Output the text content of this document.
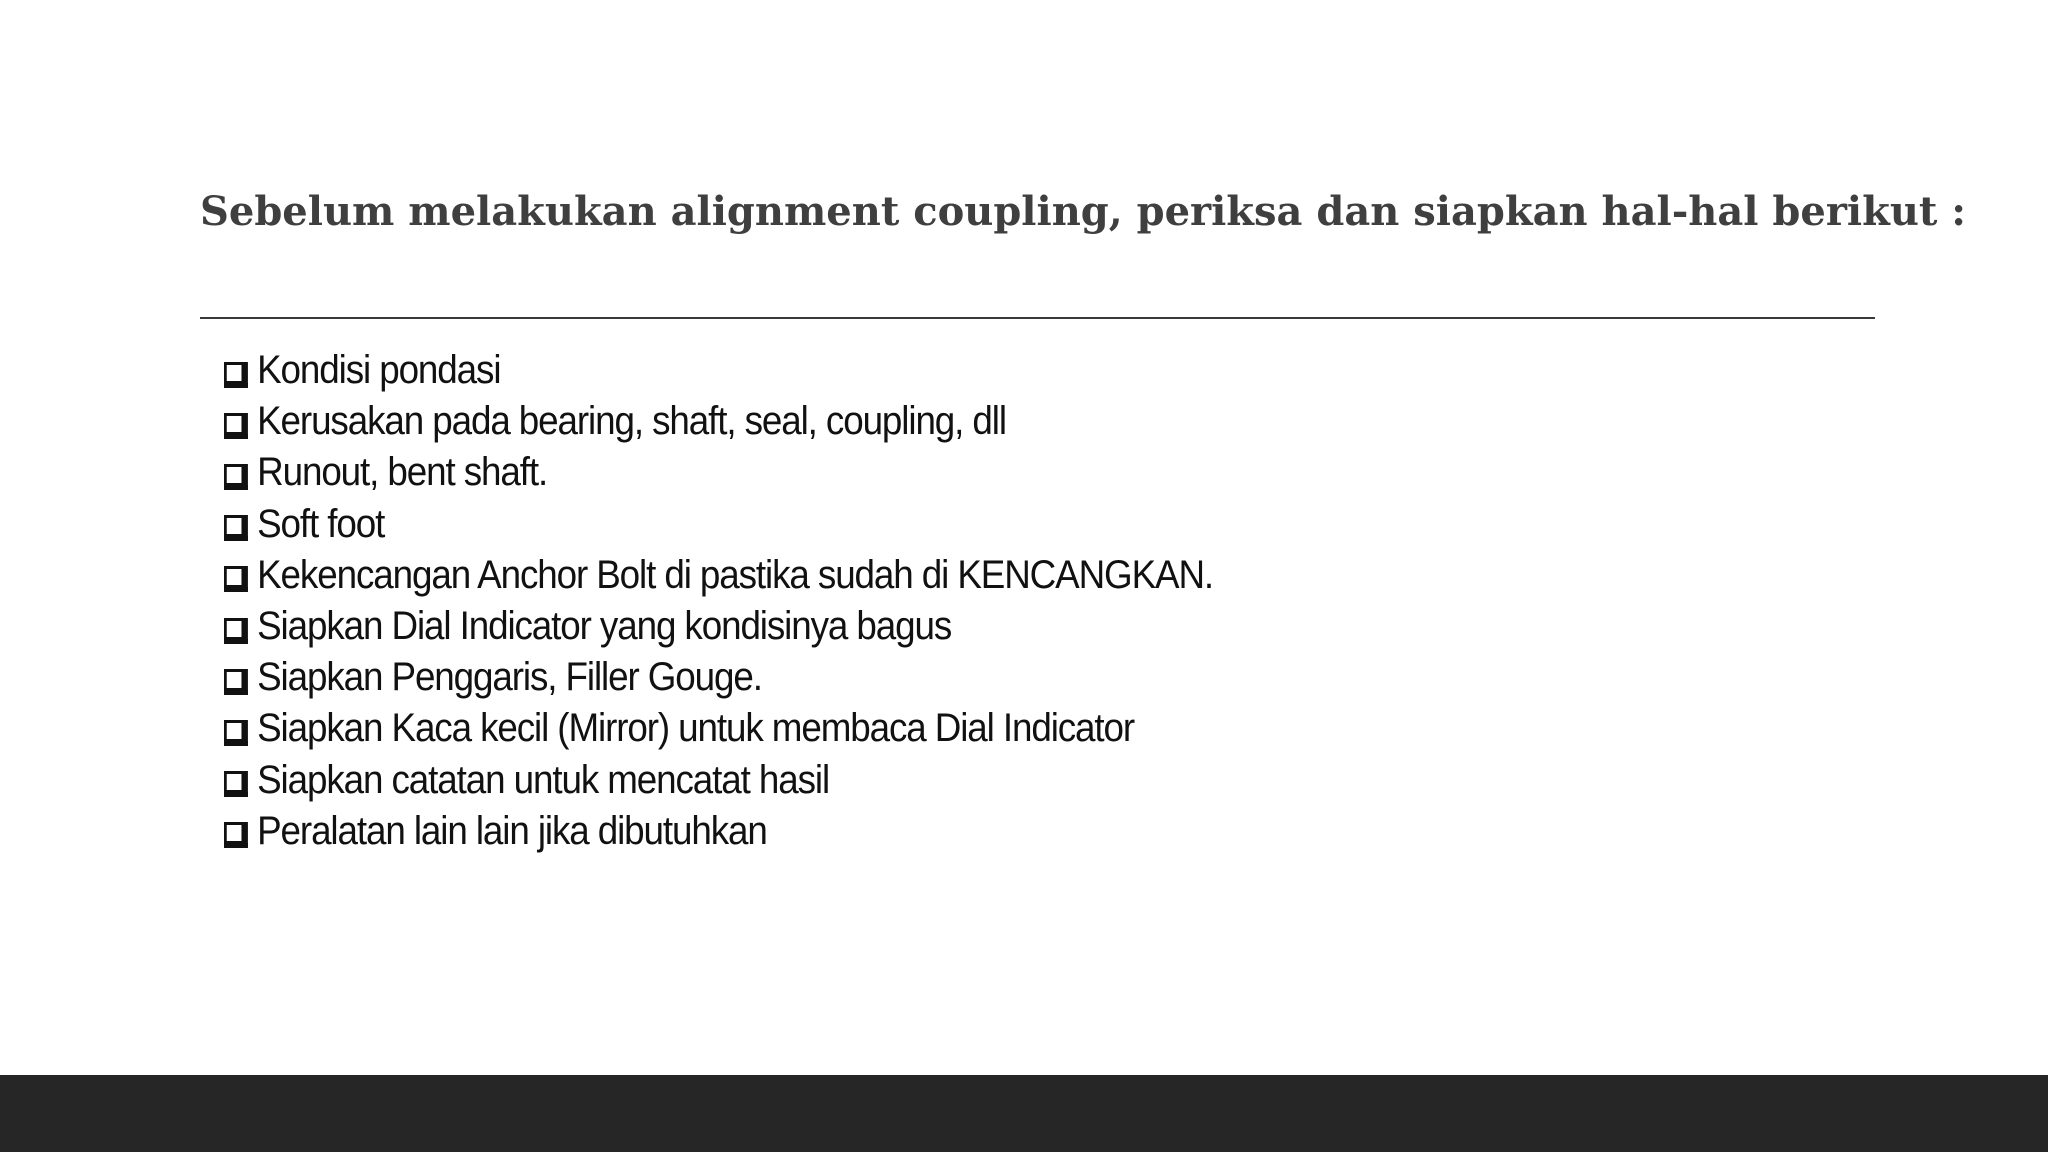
Sebelum melakukan alignment coupling, periksa dan siapkan hal-hal berikut :
Kondisi pondasi
Kerusakan pada bearing, shaft, seal, coupling, dll
Runout, bent shaft.
Soft foot
Kekencangan Anchor Bolt di pastika sudah di KENCANGKAN.
Siapkan Dial Indicator yang kondisinya bagus
Siapkan Penggaris, Filler Gouge.
Siapkan Kaca kecil (Mirror) untuk membaca Dial Indicator
Siapkan catatan untuk mencatat hasil
Peralatan lain lain jika dibutuhkan
